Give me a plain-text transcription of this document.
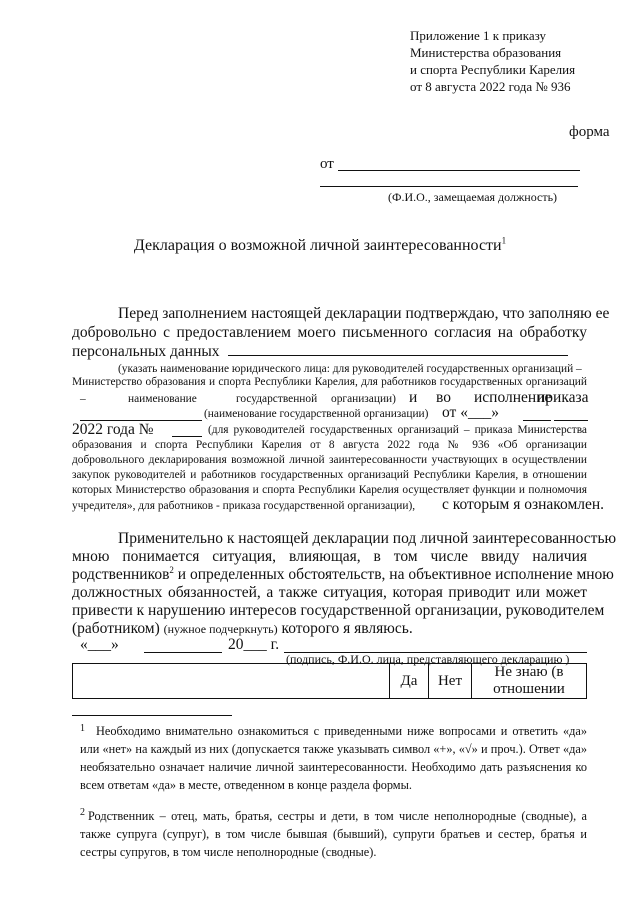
Приложение 1 к приказу
Министерства образования
и спорта Республики Карелия
от 8 августа 2022 года № 936
форма
от
(Ф.И.О., замещаемая должность)
Декларация о возможной личной заинтересованности$^1$
Перед заполнением настоящей декларации подтверждаю, что заполняю ее
добровольно с предоставлением моего письменного согласия на обработку
персональных данных
(указать наименование юридического лица: для руководителей государственных организаций –
Министерство образования и спорта Республики Карелия, для работников государственных организаций
–	наименование	государственной организации) и во исполнение
приказа
(наименование государственной организации) от «___»
2022 года №	(для руководителей государственных организаций – приказа Министерства
образования и спорта Республики Карелия от 8 августа 2022 года № 936 «Об организации
добровольного декларирования возможной личной заинтересованности участвующих в осуществлении
закупок руководителей и работников государственных организаций Республики Карелия, в отношении
которых Министерство образования и спорта Республики Карелия осуществляет функции и полномочия
учредителя», для работников - приказа государственной организации), с которым я ознакомлен.
Применительно к настоящей декларации под личной заинтересованностью
мною понимается ситуация, влияющая, в том числе ввиду наличия
родственников$^2$ и определенных обстоятельств, на объективное исполнение мною
должностных обязанностей, а также ситуация, которая приводит или может
привести к нарушению интересов государственной организации, руководителем
(работником) (нужное подчеркнуть) которого я являюсь.
«___»	20___ г.
(подпись, Ф.И.О. лица, представляющего декларацию )
	Да	Нет	Не знаю (в отношении
1 Необходимо внимательно ознакомиться с приведенными ниже вопросами и ответить «да»
или «нет» на каждый из них (допускается также указывать символ «+», «√» и проч.). Ответ «да»
необязательно означает наличие личной заинтересованности. Необходимо дать разъяснения ко
всем ответам «да» в месте, отведенном в конце раздела формы.
2 Родственник – отец, мать, братья, сестры и дети, в том числе неполнородные (сводные), а
также супруга (супруг), в том числе бывшая (бывший), супруги братьев и сестер, братья и
сестры супругов, в том числе неполнородные (сводные).
